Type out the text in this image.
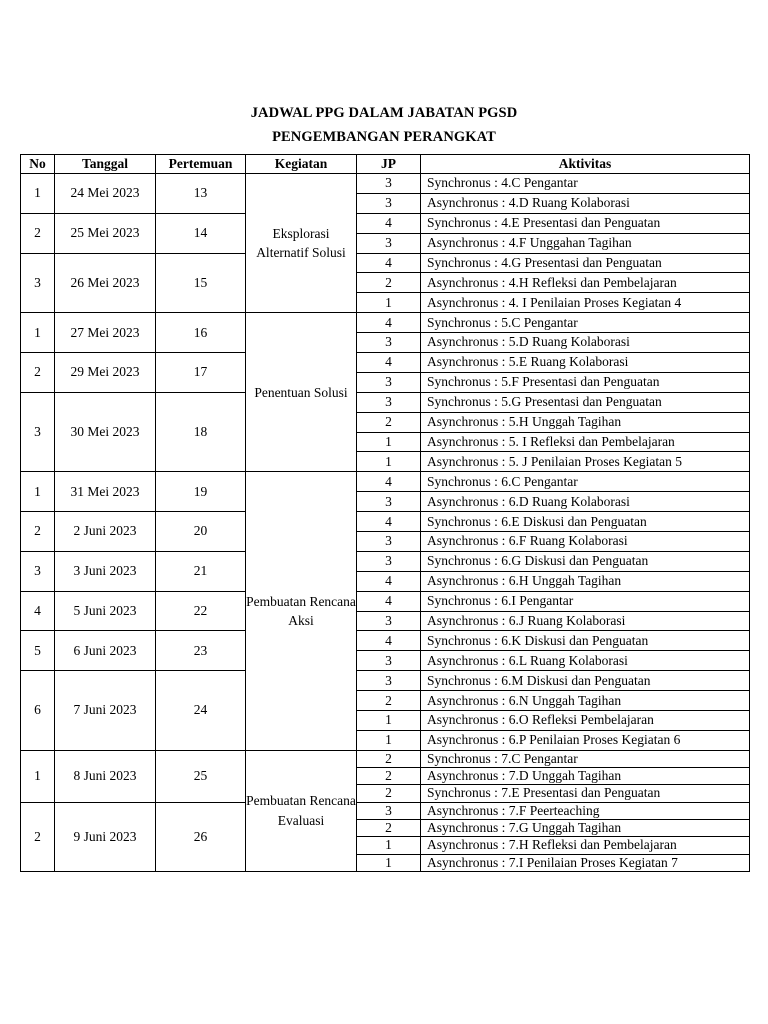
JADWAL PPG DALAM JABATAN PGSD
PENGEMBANGAN PERANGKAT
No	Tanggal	Pertemuan	Kegiatan	JP	Aktivitas
1	24 Mei 2023	13	Eksplorasi Alternatif Solusi	3	Synchronus : 4.C Pengantar
				3	Asynchronus : 4.D Ruang Kolaborasi
2	25 Mei 2023	14		4	Synchronus : 4.E Presentasi dan Penguatan
				3	Asynchronus : 4.F Unggahan Tagihan
3	26 Mei 2023	15		4	Synchronus : 4.G Presentasi dan Penguatan
				2	Asynchronus : 4.H Refleksi dan Pembelajaran
				1	Asynchronus : 4. I Penilaian Proses Kegiatan 4
1	27 Mei 2023	16	Penentuan Solusi	4	Synchronus : 5.C Pengantar
				3	Asynchronus : 5.D Ruang Kolaborasi
2	29 Mei 2023	17		4	Asynchronus : 5.E Ruang Kolaborasi
				3	Synchronus : 5.F Presentasi dan Penguatan
3	30 Mei 2023	18		3	Synchronus : 5.G Presentasi dan Penguatan
				2	Asynchronus : 5.H Unggah Tagihan
				1	Asynchronus : 5. I Refleksi dan Pembelajaran
				1	Asynchronus : 5. J Penilaian Proses Kegiatan 5
1	31 Mei 2023	19	Pembuatan Rencana Aksi	4	Synchronus : 6.C Pengantar
				3	Asynchronus : 6.D Ruang Kolaborasi
2	2 Juni 2023	20		4	Synchronus : 6.E Diskusi dan Penguatan
				3	Asynchronus : 6.F Ruang Kolaborasi
3	3 Juni 2023	21		3	Synchronus : 6.G Diskusi dan Penguatan
				4	Asynchronus : 6.H Unggah Tagihan
4	5 Juni 2023	22		4	Synchronus : 6.I Pengantar
				3	Asynchronus : 6.J Ruang Kolaborasi
5	6 Juni 2023	23		4	Synchronus : 6.K Diskusi dan Penguatan
				3	Asynchronus : 6.L Ruang Kolaborasi
6	7 Juni 2023	24		3	Synchronus : 6.M Diskusi dan Penguatan
				2	Asynchronus : 6.N Unggah Tagihan
				1	Asynchronus : 6.O Refleksi Pembelajaran
				1	Asynchronus : 6.P Penilaian Proses Kegiatan 6
1	8 Juni 2023	25	Pembuatan Rencana Evaluasi	2	Synchronus : 7.C Pengantar
				2	Asynchronus : 7.D Unggah Tagihan
				2	Synchronus : 7.E Presentasi dan Penguatan
2	9 Juni 2023	26		3	Asynchronus : 7.F Peerteaching
				2	Asynchronus : 7.G Unggah Tagihan
				1	Asynchronus : 7.H Refleksi dan Pembelajaran
				1	Asynchronus : 7.I Penilaian Proses Kegiatan 7
